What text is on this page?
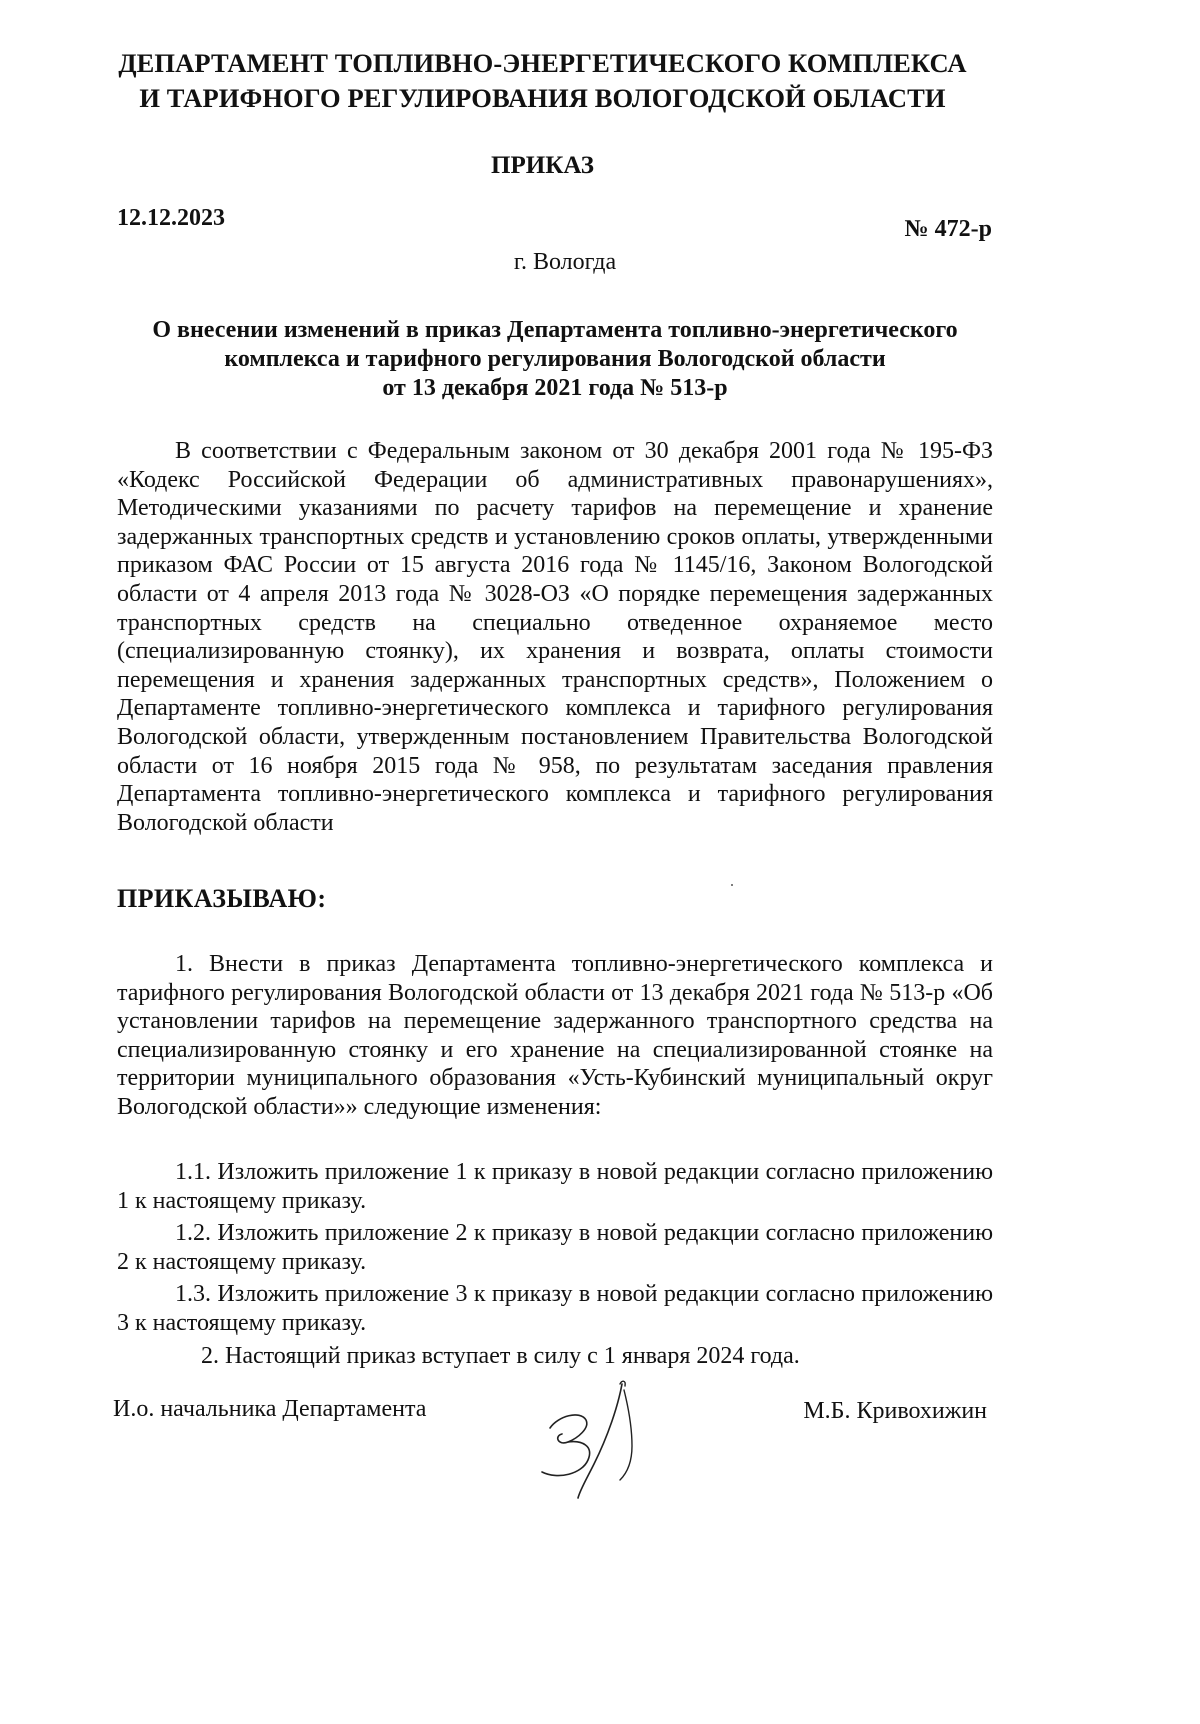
ДЕПАРТАМЕНТ ТОПЛИВНО-ЭНЕРГЕТИЧЕСКОГО КОМПЛЕКСА
И ТАРИФНОГО РЕГУЛИРОВАНИЯ ВОЛОГОДСКОЙ ОБЛАСТИ
ПРИКАЗ
12.12.2023	№ 472-р
г. Вологда
О внесении изменений в приказ Департамента топливно-энергетического
комплекса и тарифного регулирования Вологодской области
от 13 декабря 2021 года № 513-р
В соответствии с Федеральным законом от 30 декабря 2001 года № 195-ФЗ «Кодекс Российской Федерации об административных правонарушениях», Методическими указаниями по расчету тарифов на перемещение и хранение задержанных транспортных средств и установлению сроков оплаты, утвержденными приказом ФАС России от 15 августа 2016 года № 1145/16, Законом Вологодской области от 4 апреля 2013 года № 3028-ОЗ «О порядке перемещения задержанных транспортных средств на специально отведенное охраняемое место (специализированную стоянку), их хранения и возврата, оплаты стоимости перемещения и хранения задержанных транспортных средств», Положением о Департаменте топливно-энергетического комплекса и тарифного регулирования Вологодской области, утвержденным постановлением Правительства Вологодской области от 16 ноября 2015 года № 958, по результатам заседания правления Департамента топливно-энергетического комплекса и тарифного регулирования Вологодской области
ПРИКАЗЫВАЮ:
1. Внести в приказ Департамента топливно-энергетического комплекса и тарифного регулирования Вологодской области от 13 декабря 2021 года № 513-р «Об установлении тарифов на перемещение задержанного транспортного средства на специализированную стоянку и его хранение на специализированной стоянке на территории муниципального образования «Усть-Кубинский муниципальный округ Вологодской области»» следующие изменения:
1.1. Изложить приложение 1 к приказу в новой редакции согласно приложению 1 к настоящему приказу.
1.2. Изложить приложение 2 к приказу в новой редакции согласно приложению 2 к настоящему приказу.
1.3. Изложить приложение 3 к приказу в новой редакции согласно приложению 3 к настоящему приказу.
2. Настоящий приказ вступает в силу с 1 января 2024 года.
И.о. начальника Департамента	М.Б. Кривохижин
